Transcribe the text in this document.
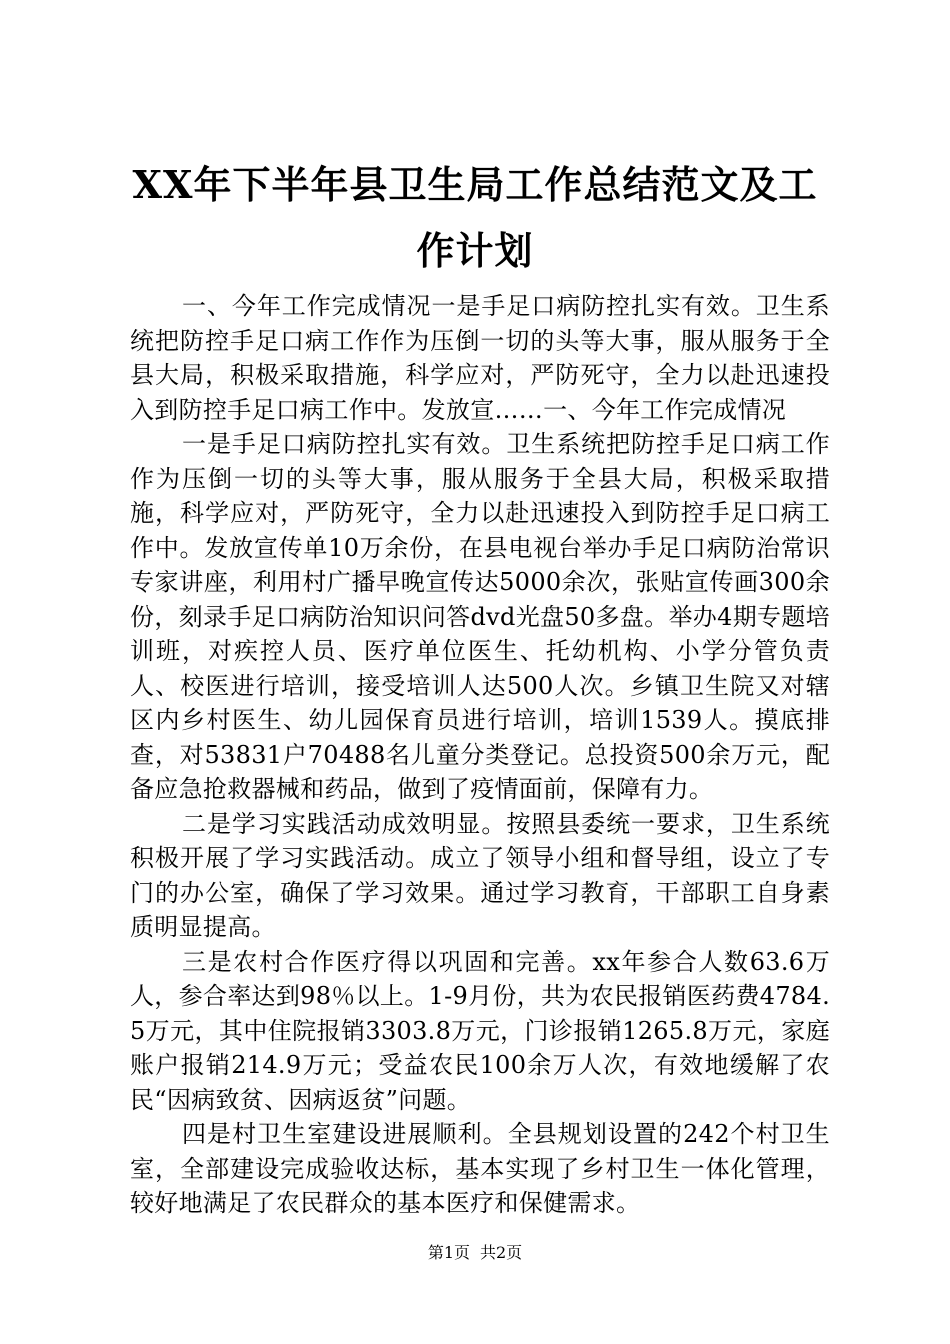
XX年下半年县卫生局工作总结范文及工作计划

一、今年工作完成情况一是手足口病防控扎实有效。卫生系统把防控手足口病工作作为压倒一切的头等大事，服从服务于全县大局，积极采取措施，科学应对，严防死守，全力以赴迅速投入到防控手足口病工作中。发放宣……一、今年工作完成情况

一是手足口病防控扎实有效。卫生系统把防控手足口病工作作为压倒一切的头等大事，服从服务于全县大局，积极采取措施，科学应对，严防死守，全力以赴迅速投入到防控手足口病工作中。发放宣传单10万余份，在县电视台举办手足口病防治常识专家讲座，利用村广播早晚宣传达5000余次，张贴宣传画300余份，刻录手足口病防治知识问答dvd光盘50多盘。举办4期专题培训班，对疾控人员、医疗单位医生、托幼机构、小学分管负责人、校医进行培训，接受培训人达500人次。乡镇卫生院又对辖区内乡村医生、幼儿园保育员进行培训，培训1539人。摸底排查，对53831户70488名儿童分类登记。总投资500余万元，配备应急抢救器械和药品，做到了疫情面前，保障有力。

二是学习实践活动成效明显。按照县委统一要求，卫生系统积极开展了学习实践活动。成立了领导小组和督导组，设立了专门的办公室，确保了学习效果。通过学习教育，干部职工自身素质明显提高。

三是农村合作医疗得以巩固和完善。xx年参合人数63.6万人，参合率达到98％以上。1-9月份，共为农民报销医药费4784.5万元，其中住院报销3303.8万元，门诊报销1265.8万元，家庭账户报销214.9万元；受益农民100余万人次，有效地缓解了农民“因病致贫、因病返贫”问题。

四是村卫生室建设进展顺利。全县规划设置的242个村卫生室，全部建设完成验收达标，基本实现了乡村卫生一体化管理，较好地满足了农民群众的基本医疗和保健需求。

第1页 共2页
